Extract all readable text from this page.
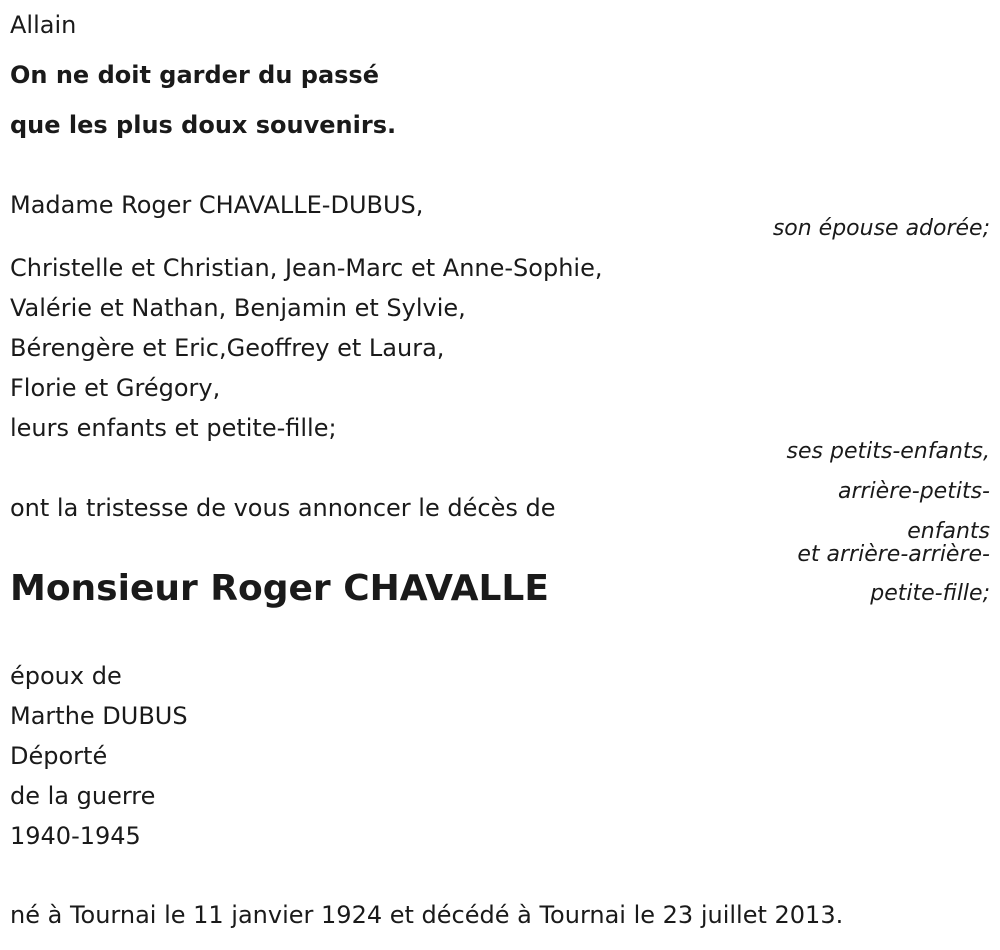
Allain
On ne doit garder du passé
que les plus doux souvenirs.
Madame Roger CHAVALLE-DUBUS,
son épouse adorée;
Christelle et Christian, Jean-Marc et Anne-Sophie,
Valérie et Nathan, Benjamin et Sylvie,
Bérengère et Eric,Geoffrey et Laura,
Florie et Grégory,
leurs enfants et petite-fille;
ses petits-enfants,
arrière-petits-
enfants
et arrière-arrière-
petite-fille;
ont la tristesse de vous annoncer le décès de
Monsieur Roger CHAVALLE
époux de
Marthe DUBUS
Déporté
de la guerre
1940-1945
né à Tournai le 11 janvier 1924 et décédé à Tournai le 23 juillet 2013.
